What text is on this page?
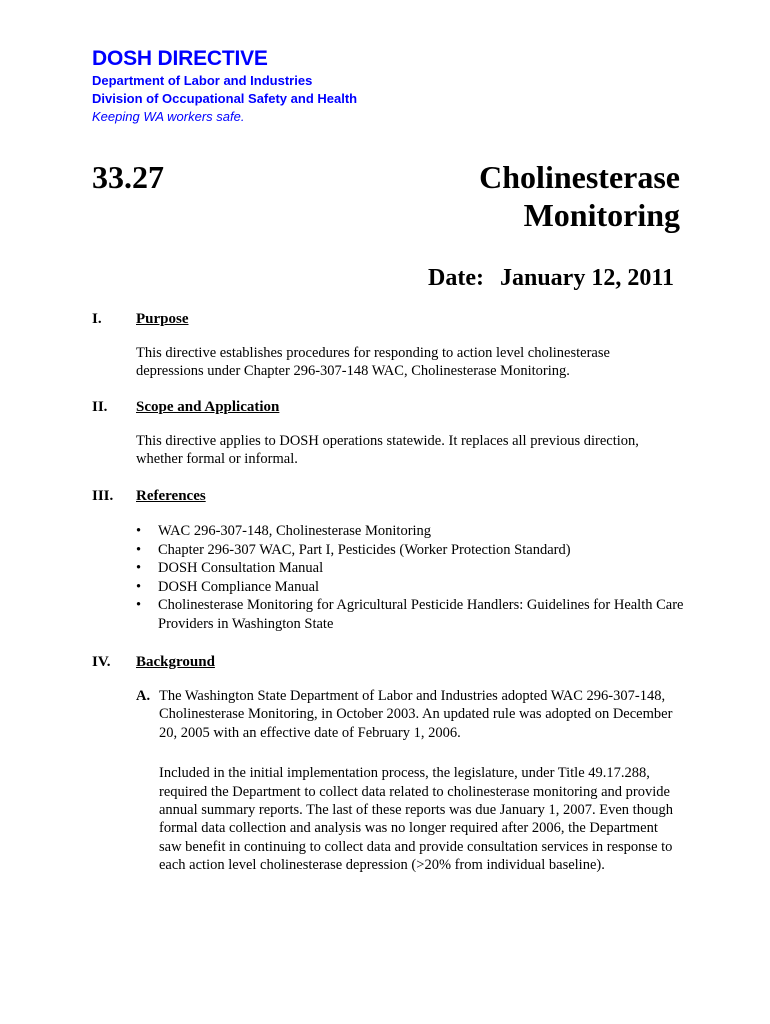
DOSH DIRECTIVE
Department of Labor and Industries
Division of Occupational Safety and Health
Keeping WA workers safe.
33.27	Cholinesterase
Monitoring
Date: January 12, 2011
I. Purpose
This directive establishes procedures for responding to action level cholinesterase depressions under Chapter 296-307-148 WAC, Cholinesterase Monitoring.
II. Scope and Application
This directive applies to DOSH operations statewide. It replaces all previous direction, whether formal or informal.
III. References
• WAC 296-307-148, Cholinesterase Monitoring
• Chapter 296-307 WAC, Part I, Pesticides (Worker Protection Standard)
• DOSH Consultation Manual
• DOSH Compliance Manual
• Cholinesterase Monitoring for Agricultural Pesticide Handlers: Guidelines for Health Care Providers in Washington State
IV. Background
A. The Washington State Department of Labor and Industries adopted WAC 296-307-148, Cholinesterase Monitoring, in October 2003. An updated rule was adopted on December 20, 2005 with an effective date of February 1, 2006.
Included in the initial implementation process, the legislature, under Title 49.17.288, required the Department to collect data related to cholinesterase monitoring and provide annual summary reports. The last of these reports was due January 1, 2007. Even though formal data collection and analysis was no longer required after 2006, the Department saw benefit in continuing to collect data and provide consultation services in response to each action level cholinesterase depression (>20% from individual baseline).
